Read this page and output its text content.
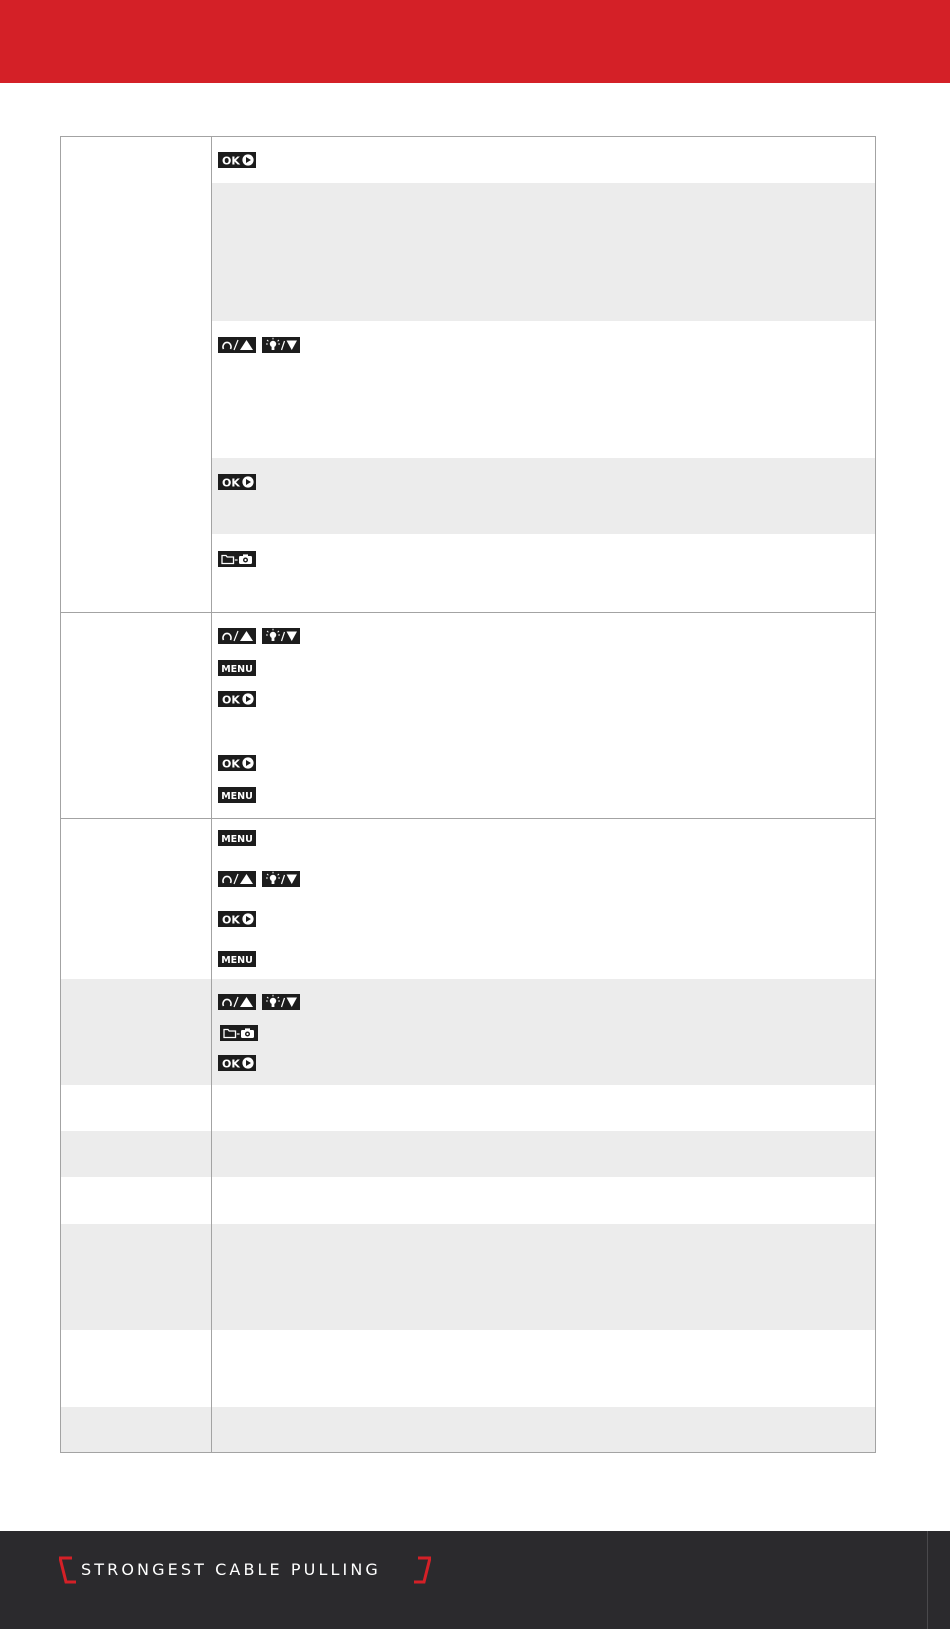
STRONGEST CABLE PULLING
